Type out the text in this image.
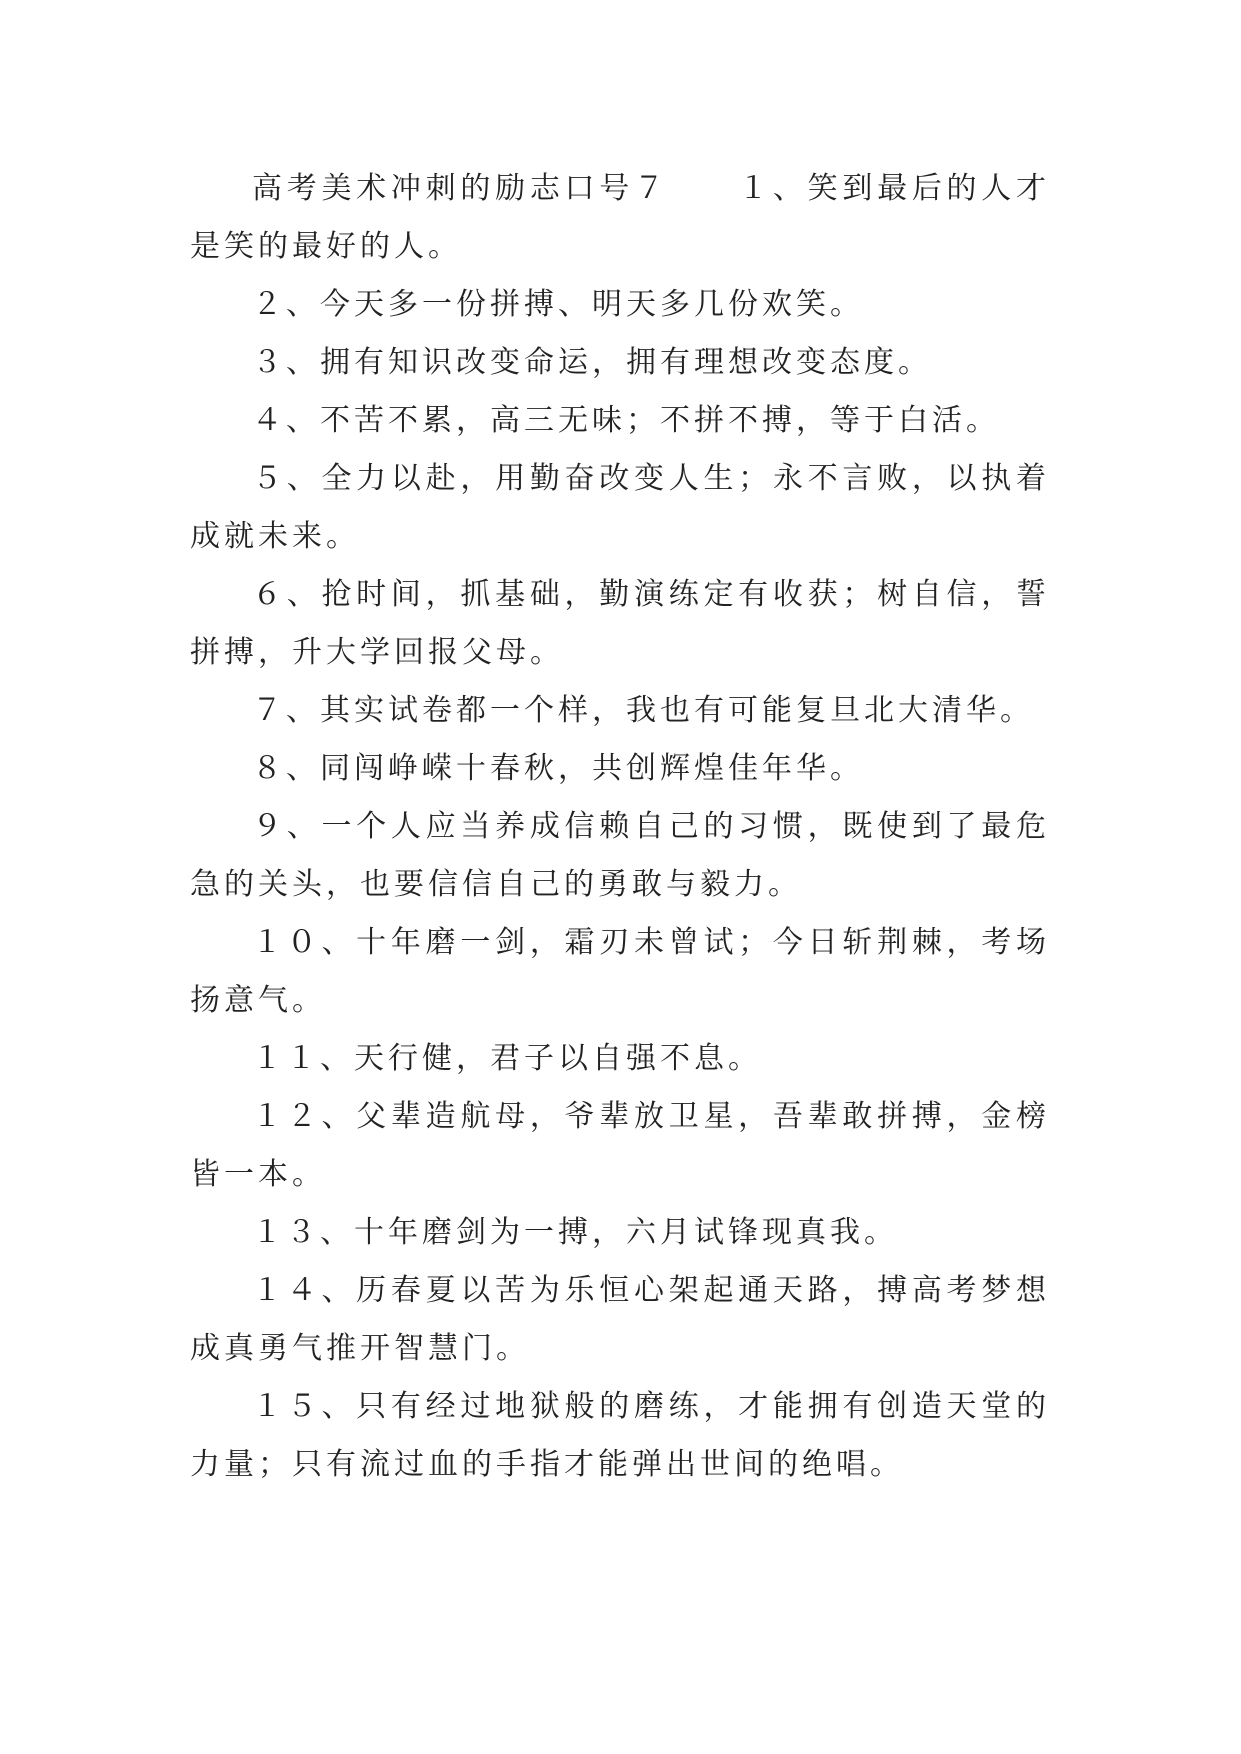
高考美术冲刺的励志口号７　　１、笑到最后的人才是笑的最好的人。

２、今天多一份拼搏、明天多几份欢笑。

３、拥有知识改变命运，拥有理想改变态度。

４、不苦不累，高三无味；不拼不搏，等于白活。

５、全力以赴，用勤奋改变人生；永不言败，以执着成就未来。

６、抢时间，抓基础，勤演练定有收获；树自信，誓拼搏，升大学回报父母。

７、其实试卷都一个样，我也有可能复旦北大清华。

８、同闯峥嵘十春秋，共创辉煌佳年华。

９、一个人应当养成信赖自己的习惯，既使到了最危急的关头，也要信信自己的勇敢与毅力。

１０、十年磨一剑，霜刃未曾试；今日斩荆棘，考场扬意气。

１１、天行健，君子以自强不息。

１２、父辈造航母，爷辈放卫星，吾辈敢拼搏，金榜皆一本。

１３、十年磨剑为一搏，六月试锋现真我。

１４、历春夏以苦为乐恒心架起通天路，搏高考梦想成真勇气推开智慧门。

１５、只有经过地狱般的磨练，才能拥有创造天堂的力量；只有流过血的手指才能弹出世间的绝唱。
